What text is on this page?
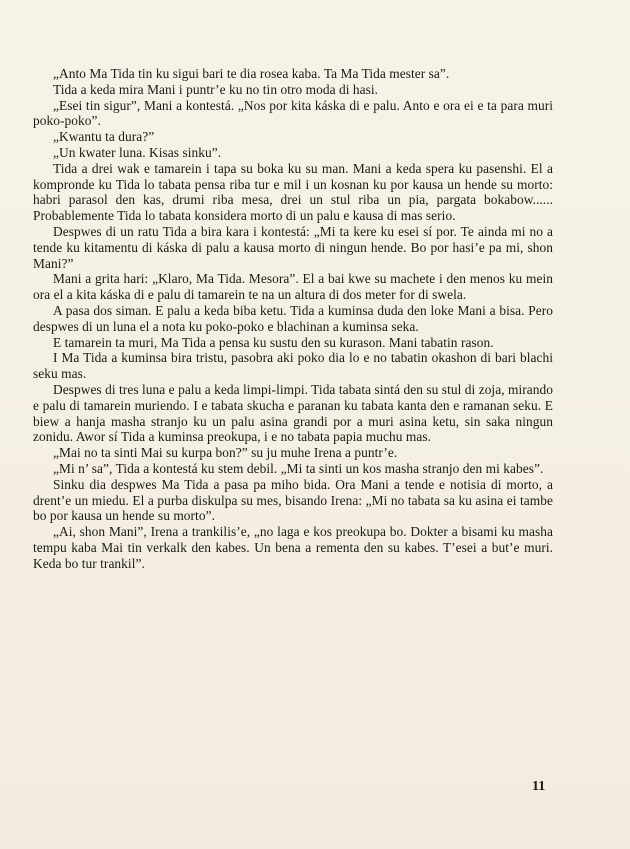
„Anto Ma Tida tin ku sigui bari te dia rosea kaba. Ta Ma Tida mester sa”.

Tida a keda mira Mani i puntr’e ku no tin otro moda di hasi.

„Esei tin sigur”, Mani a kontestá. „Nos por kita káska di e palu. Anto e ora ei e ta para muri poko-poko”.

„Kwantu ta dura?”

„Un kwater luna. Kisas sinku”.

Tida a drei wak e tamarein i tapa su boka ku su man. Mani a keda spera ku pasenshi. El a kompronde ku Tida lo tabata pensa riba tur e mil i un kosnan ku por kausa un hende su morto: habri parasol den kas, drumi riba mesa, drei un stul riba un pia, pargata bokabow...... Probablemente Tida lo tabata konsidera morto di un palu e kausa di mas serio.

Despwes di un ratu Tida a bira kara i kontestá: „Mi ta kere ku esei sí por. Te ainda mi no a tende ku kitamentu di káska di palu a kausa morto di ningun hende. Bo por hasi’e pa mi, shon Mani?”

Mani a grita hari: „Klaro, Ma Tida. Mesora”. El a bai kwe su machete i den menos ku mein ora el a kita káska di e palu di tamarein te na un altura di dos meter for di swela.

A pasa dos siman. E palu a keda biba ketu. Tida a kuminsa duda den loke Mani a bisa. Pero despwes di un luna el a nota ku poko-poko e blachinan a kuminsa seka.

E tamarein ta muri, Ma Tida a pensa ku sustu den su kurason. Mani tabatin rason.

I Ma Tida a kuminsa bira tristu, pasobra aki poko dia lo e no tabatin okashon di bari blachi seku mas.

Despwes di tres luna e palu a keda limpi-limpi. Tida tabata sintá den su stul di zoja, mirando e palu di tamarein muriendo. I e tabata skucha e paranan ku tabata kanta den e ramanan seku. E biew a hanja masha stranjo ku un palu asina grandi por a muri asina ketu, sin saka ningun zonidu. Awor sí Tida a kuminsa preokupa, i e no tabata papia muchu mas.

„Mai no ta sinti Mai su kurpa bon?” su ju muhe Irena a puntr’e.

„Mi n’ sa”, Tida a kontestá ku stem debil. „Mi ta sinti un kos masha stranjo den mi kabes”.

Sinku dia despwes Ma Tida a pasa pa miho bida. Ora Mani a tende e notisia di morto, a drent’e un miedu. El a purba diskulpa su mes, bisando Irena: „Mi no tabata sa ku asina ei tambe bo por kausa un hende su morto”.

„Ai, shon Mani”, Irena a trankilis’e, „no laga e kos preokupa bo. Dokter a bisami ku masha tempu kaba Mai tin verkalk den kabes. Un bena a rementa den su kabes. T’esei a but’e muri. Keda bo tur trankil”.

11
